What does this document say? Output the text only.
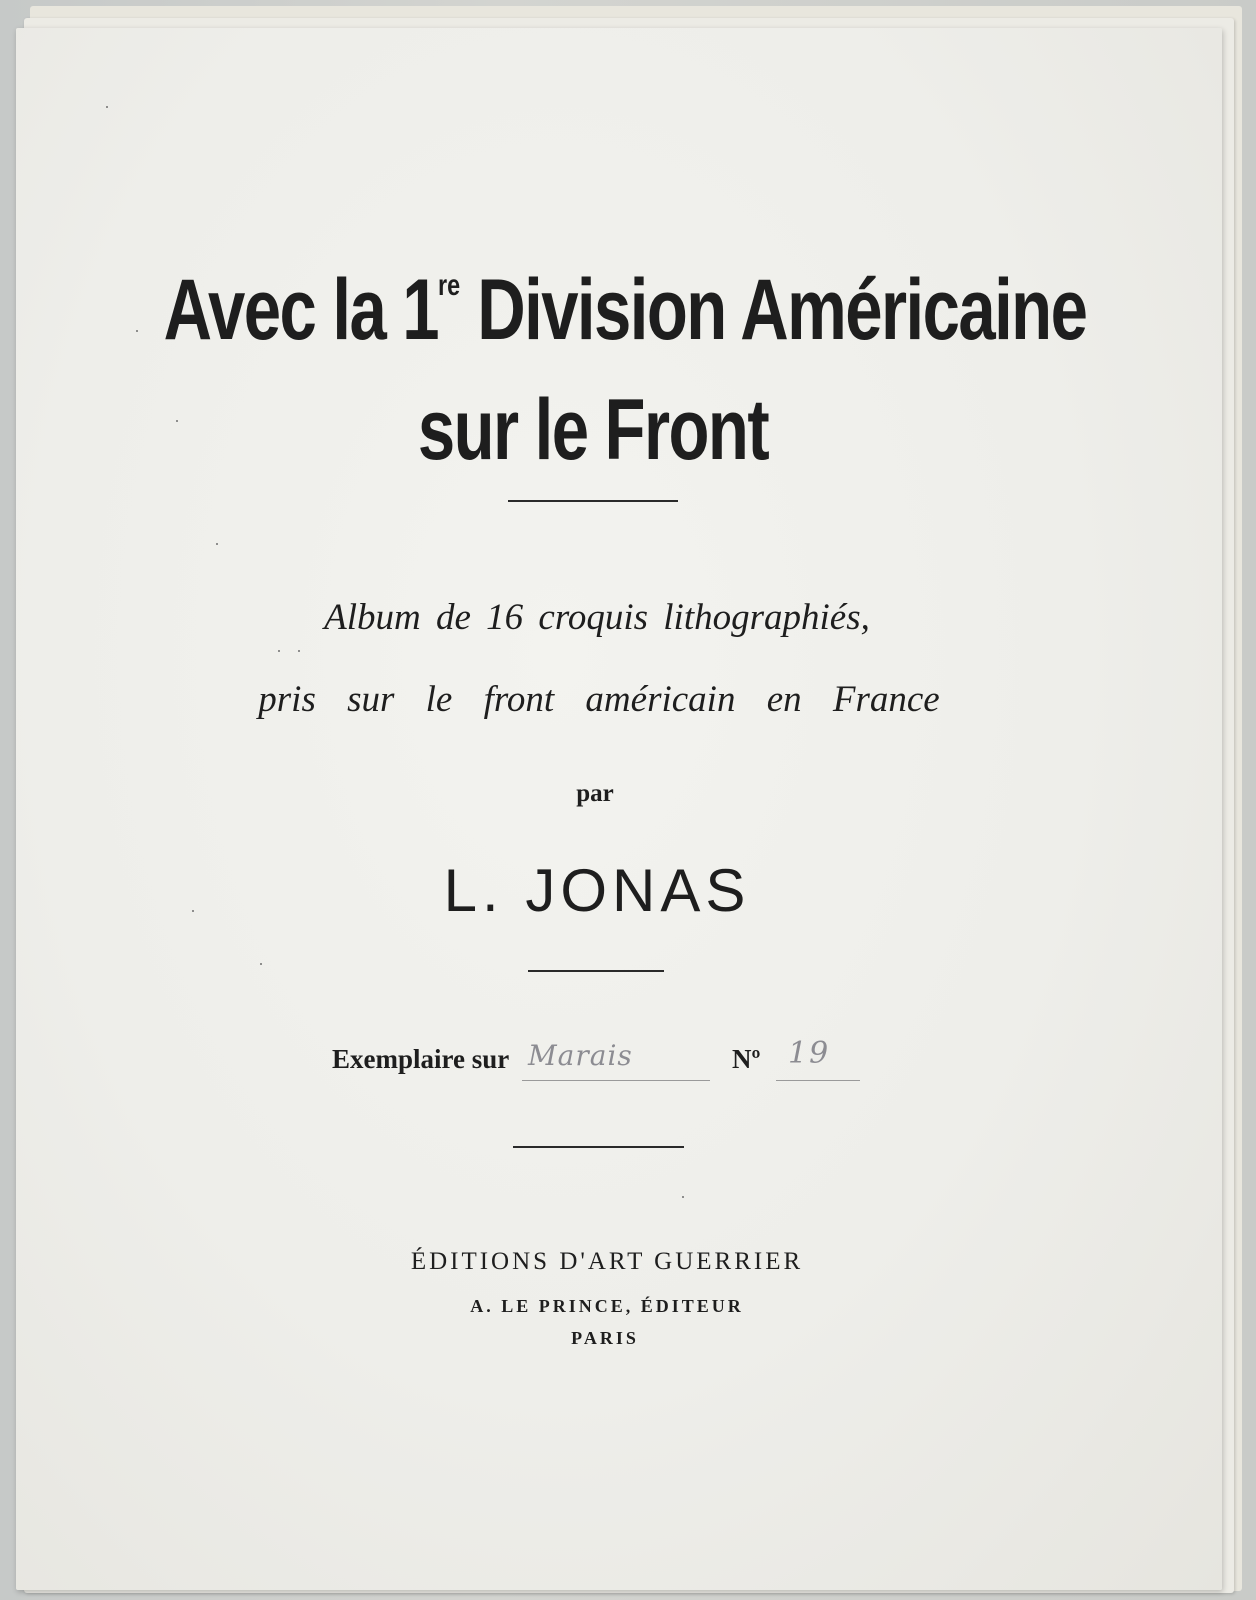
Avec la 1re Division Américaine
sur le Front
Album de 16 croquis lithographiés,
pris sur le front américain en France
par
L. JONAS
Exemplaire sur Marais	Nº 19
ÉDITIONS D'ART GUERRIER
A. LE PRINCE, ÉDITEUR
PARIS
